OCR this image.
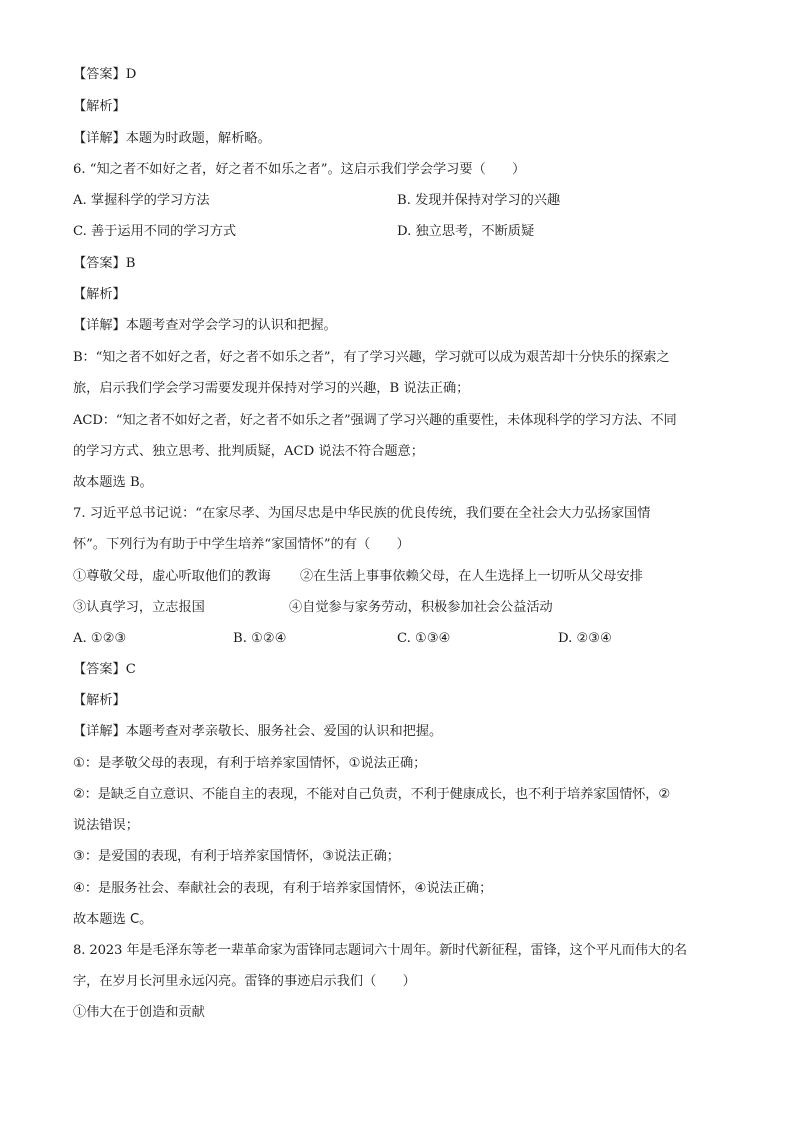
【答案】D
【解析】
【详解】本题为时政题，解析略。
6. “知之者不如好之者，好之者不如乐之者”。这启示我们学会学习要（　　）
A. 掌握科学的学习方法	B. 发现并保持对学习的兴趣
C. 善于运用不同的学习方式	D. 独立思考，不断质疑
【答案】B
【解析】
【详解】本题考查对学会学习的认识和把握。
B：“知之者不如好之者，好之者不如乐之者”，有了学习兴趣，学习就可以成为艰苦却十分快乐的探索之
旅，启示我们学会学习需要发现并保持对学习的兴趣，B 说法正确；
ACD：“知之者不如好之者，好之者不如乐之者”强调了学习兴趣的重要性，未体现科学的学习方法、不同
的学习方式、独立思考、批判质疑，ACD 说法不符合题意；
故本题选 B。
7. 习近平总书记说：“在家尽孝、为国尽忠是中华民族的优良传统，我们要在全社会大力弘扬家国情
怀”。下列行为有助于中学生培养“家国情怀”的有（　　）
①尊敬父母，虚心听取他们的教诲 ②在生活上事事依赖父母，在人生选择上一切听从父母安排
③认真学习，立志报国	④自觉参与家务劳动，积极参加社会公益活动
A. ①②③	B. ①②④	C. ①③④	D. ②③④
【答案】C
【解析】
【详解】本题考查对孝亲敬长、服务社会、爱国的认识和把握。
①：是孝敬父母的表现，有利于培养家国情怀，①说法正确；
②：是缺乏自立意识、不能自主的表现，不能对自己负责，不利于健康成长，也不利于培养家国情怀，②
说法错误；
③：是爱国的表现，有利于培养家国情怀，③说法正确；
④：是服务社会、奉献社会的表现，有利于培养家国情怀，④说法正确；
故本题选 C。
8. 2023 年是毛泽东等老一辈革命家为雷锋同志题词六十周年。新时代新征程，雷锋，这个平凡而伟大的名
字，在岁月长河里永远闪亮。雷锋的事迹启示我们（　　）
①伟大在于创造和贡献
